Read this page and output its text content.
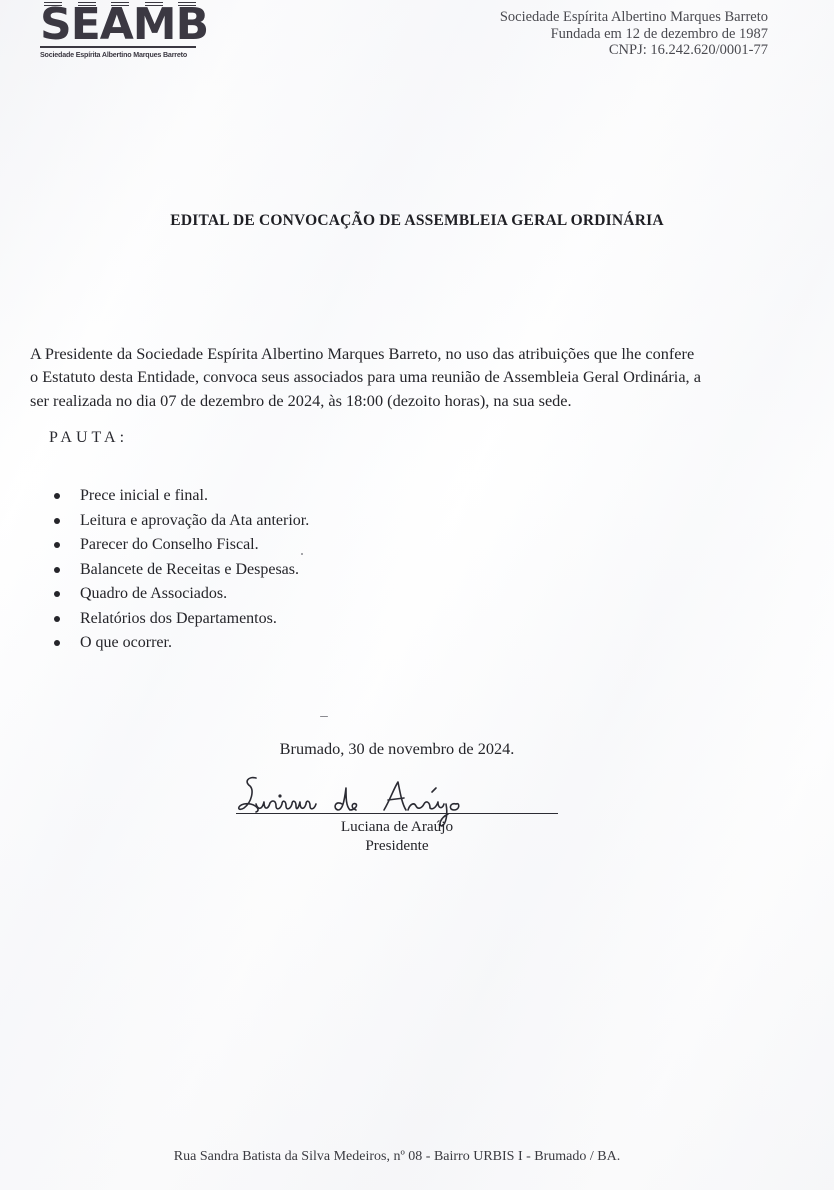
SEAMB
Sociedade Espírita Albertino Marques Barreto
Sociedade Espírita Albertino Marques Barreto
Fundada em 12 de dezembro de 1987
CNPJ: 16.242.620/0001-77
EDITAL DE CONVOCAÇÃO DE ASSEMBLEIA GERAL ORDINÁRIA
A Presidente da Sociedade Espírita Albertino Marques Barreto, no uso das atribuições que lhe confere
o Estatuto desta Entidade, convoca seus associados para uma reunião de Assembleia Geral Ordinária, a
ser realizada no dia 07 de dezembro de 2024, às 18:00 (dezoito horas), na sua sede.
PAUTA:
Prece inicial e final.
Leitura e aprovação da Ata anterior.
Parecer do Conselho Fiscal.
Balancete de Receitas e Despesas.
Quadro de Associados.
Relatórios dos Departamentos.
O que ocorrer.
Brumado, 30 de novembro de 2024.
Luciana de Araújo
Presidente
Rua Sandra Batista da Silva Medeiros, nº 08 - Bairro URBIS I - Brumado / BA.
